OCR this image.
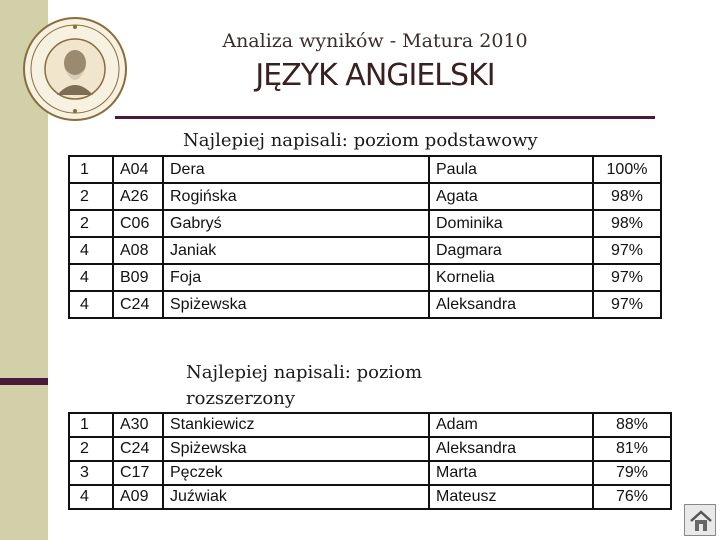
Analiza wyników - Matura 2010
JĘZYK ANGIELSKI
Najlepiej napisali: poziom podstawowy
1	A04	Dera	Paula	100%
2	A26	Rogińska	Agata	98%
2	C06	Gabryś	Dominika	98%
4	A08	Janiak	Dagmara	97%
4	B09	Foja	Kornelia	97%
4	C24	Spiżewska	Aleksandra	97%
Najlepiej napisali: poziom rozszerzony
1	A30	Stankiewicz	Adam	88%
2	C24	Spiżewska	Aleksandra	81%
3	C17	Pęczek	Marta	79%
4	A09	Juźwiak	Mateusz	76%
